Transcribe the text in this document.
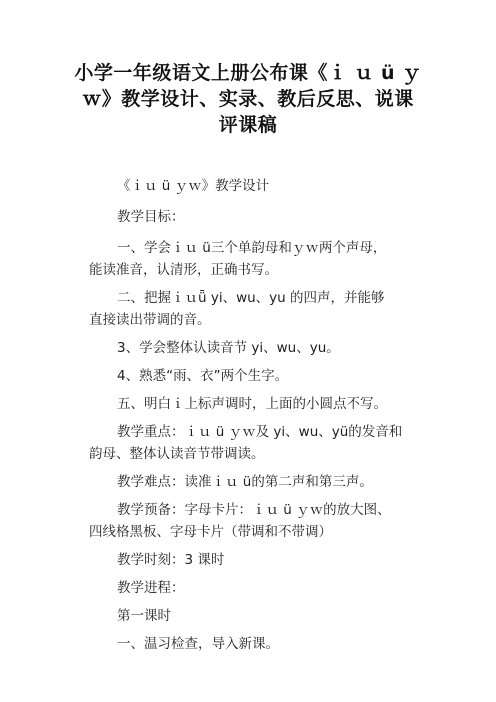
小学一年级语文上册公布课《ｉ ｕ ü ｙ
ｗ》教学设计、实录、教后反思、说课
评课稿
《ｉｕ ü ｙｗ》教学设计
教学目标：
一、学会ｉｕ ü三个单韵母和ｙｗ两个声母，
能读准音，认清形，正确书写。
二、把握ｉｕǖ yi、wu、yu 的四声，并能够
直接读出带调的音。
3、学会整体认读音节 yi、wu、yu。
4、熟悉“雨、衣”两个生字。
五、明白ｉ上标声调时，上面的小圆点不写。
教学重点：ｉｕ ü ｙｗ及 yi、wu、yü的发音和
韵母、整体认读音节带调读。
教学难点：读准ｉｕ ü的第二声和第三声。
教学预备：字母卡片：ｉｕ ü ｙｗ的放大图、
四线格黑板、字母卡片（带调和不带调）
教学时刻：3 课时
教学进程：
第一课时
一、温习检查，导入新课。
